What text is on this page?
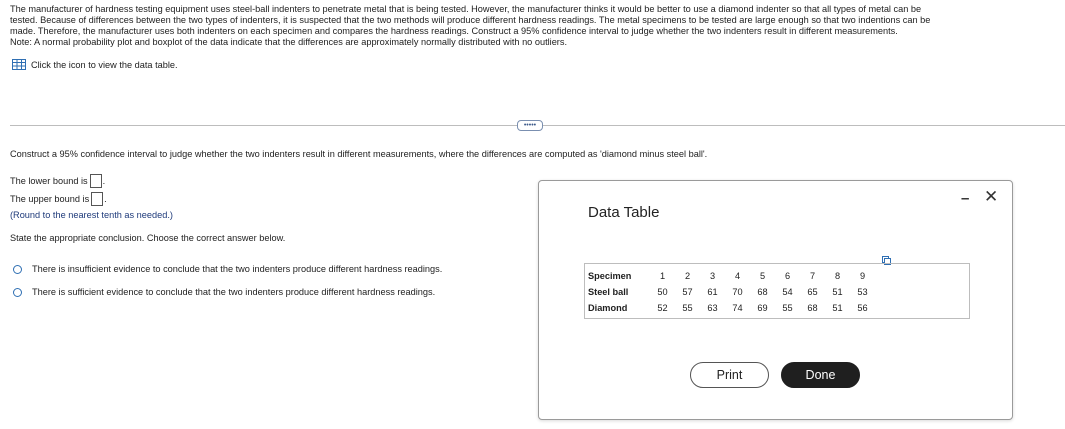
The manufacturer of hardness testing equipment uses steel-ball indenters to penetrate metal that is being tested. However, the manufacturer thinks it would be better to use a diamond indenter so that all types of metal can be

tested. Because of differences between the two types of indenters, it is suspected that the two methods will produce different hardness readings. The metal specimens to be tested are large enough so that two indentions can be

made. Therefore, the manufacturer uses both indenters on each specimen and compares the hardness readings. Construct a 95% confidence interval to judge whether the two indenters result in different measurements.

Note: A normal probability plot and boxplot of the data indicate that the differences are approximately normally distributed with no outliers.

Click the icon to view the data table.
•••••
Construct a 95% confidence interval to judge whether the two indenters result in different measurements, where the differences are computed as 'diamond minus steel ball'.
The lower bound is .
The upper bound is .
(Round to the nearest tenth as needed.)
State the appropriate conclusion. Choose the correct answer below.
There is insufficient evidence to conclude that the two indenters produce different hardness readings.
There is sufficient evidence to conclude that the two indenters produce different hardness readings.
Data Table
– ✕
Specimen	1	2	3	4	5	6	7	8	9
Steel ball	50	57	61	70	68	54	65	51	53
Diamond	52	55	63	74	69	55	68	51	56
Print	Done
